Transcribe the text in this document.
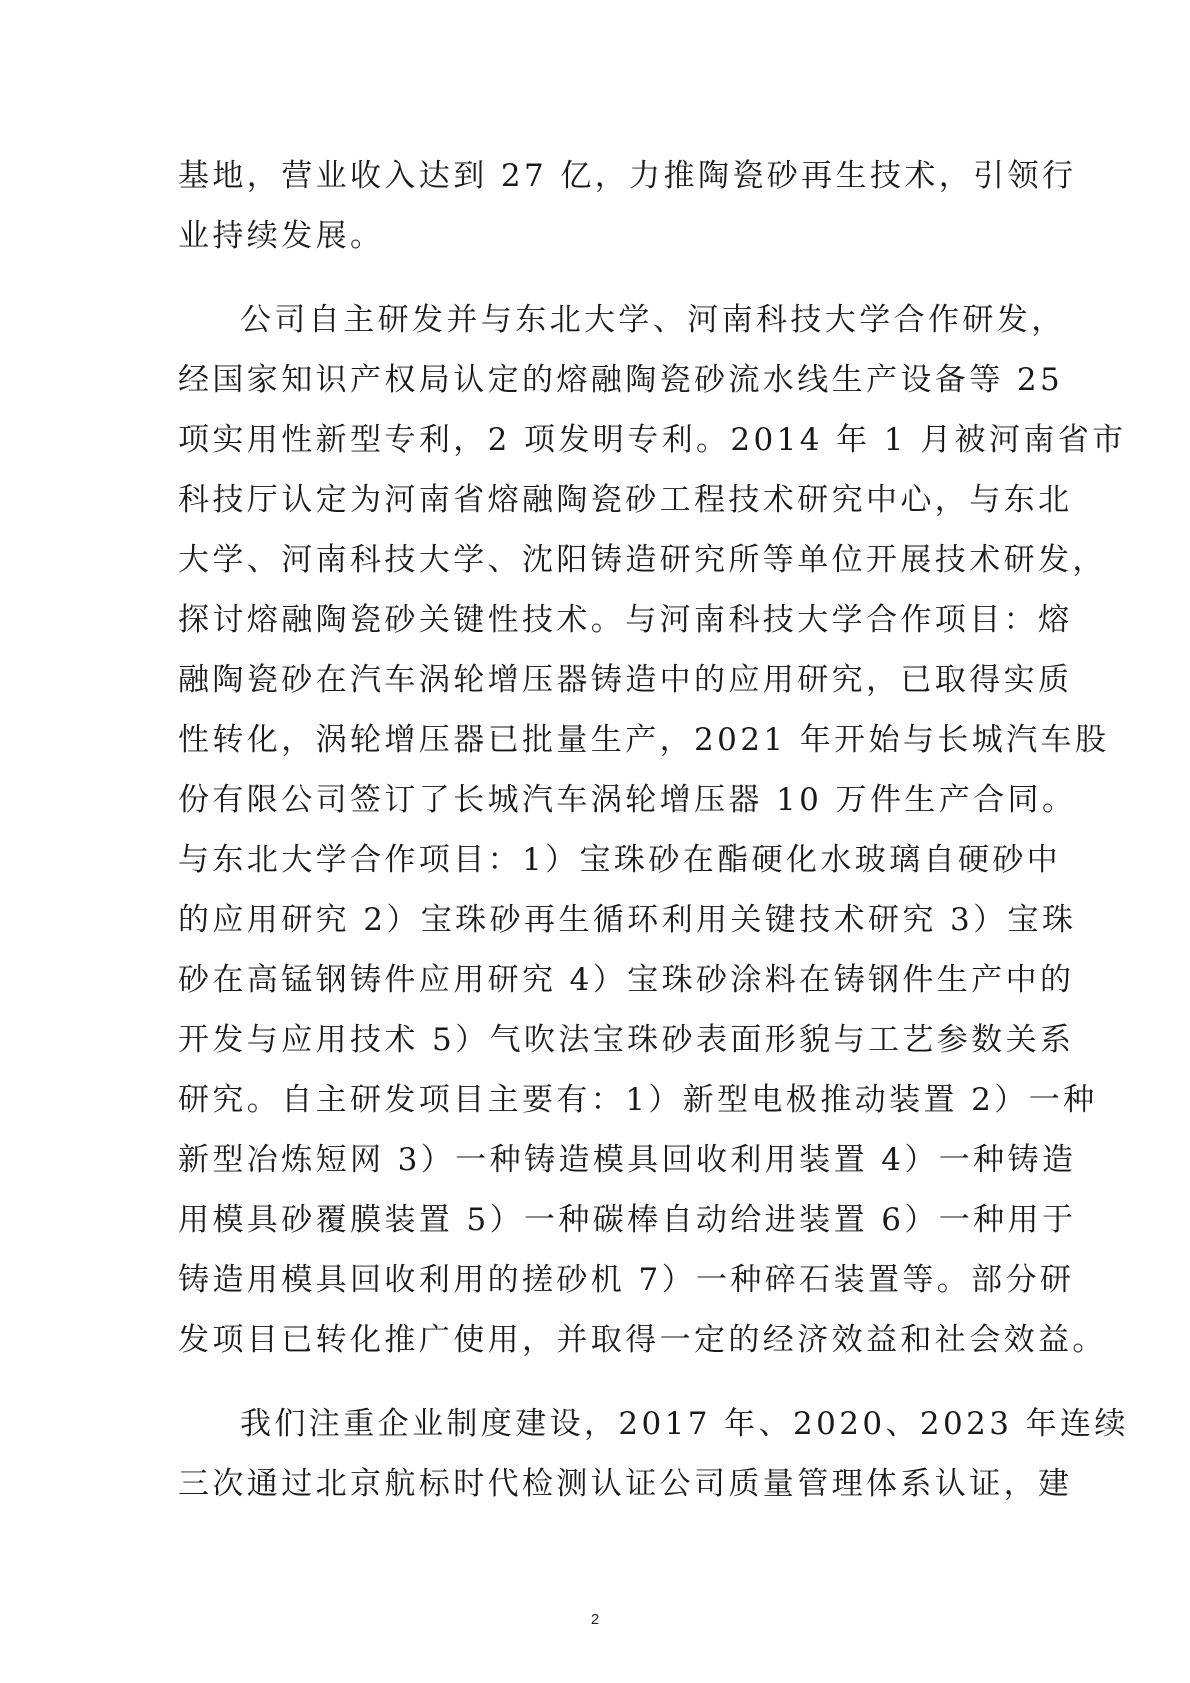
基地，营业收入达到 27 亿，力推陶瓷砂再生技术，引领行
业持续发展。
公司自主研发并与东北大学、河南科技大学合作研发，
经国家知识产权局认定的熔融陶瓷砂流水线生产设备等 25
项实用性新型专利，2 项发明专利。2014 年 1 月被河南省市
科技厅认定为河南省熔融陶瓷砂工程技术研究中心，与东北
大学、河南科技大学、沈阳铸造研究所等单位开展技术研发，
探讨熔融陶瓷砂关键性技术。与河南科技大学合作项目：熔
融陶瓷砂在汽车涡轮增压器铸造中的应用研究，已取得实质
性转化，涡轮增压器已批量生产，2021 年开始与长城汽车股
份有限公司签订了长城汽车涡轮增压器 10 万件生产合同。
与东北大学合作项目：1）宝珠砂在酯硬化水玻璃自硬砂中
的应用研究 2）宝珠砂再生循环利用关键技术研究 3）宝珠
砂在高锰钢铸件应用研究 4）宝珠砂涂料在铸钢件生产中的
开发与应用技术 5）气吹法宝珠砂表面形貌与工艺参数关系
研究。自主研发项目主要有：1）新型电极推动装置 2）一种
新型冶炼短网 3）一种铸造模具回收利用装置 4）一种铸造
用模具砂覆膜装置 5）一种碳棒自动给进装置 6）一种用于
铸造用模具回收利用的搓砂机 7）一种碎石装置等。部分研
发项目已转化推广使用，并取得一定的经济效益和社会效益。
我们注重企业制度建设，2017 年、2020、2023 年连续
三次通过北京航标时代检测认证公司质量管理体系认证，建
2
